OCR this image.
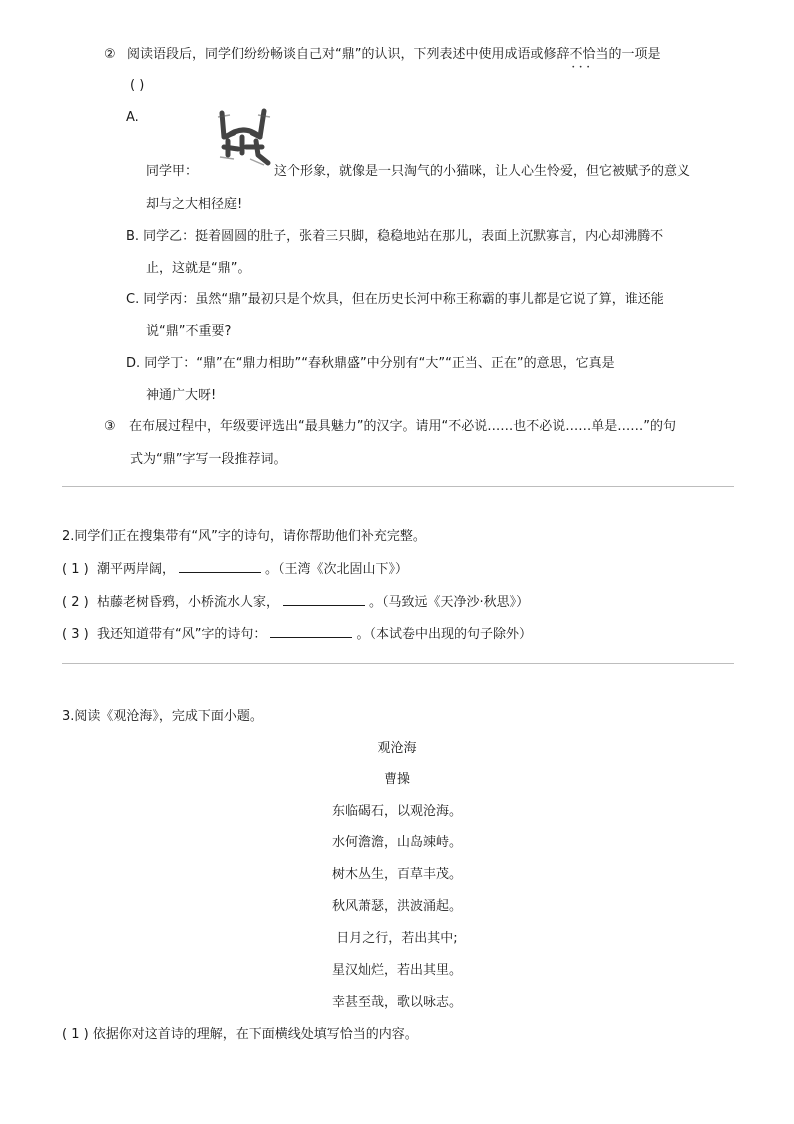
② 阅读语段后，同学们纷纷畅谈自己对“鼎”的认识，下列表述中使用成语或修辞不恰当 • • •的一项是
( )
A.
同学甲：	这个形象，就像是一只淘气的小猫咪，让人心生怜爱，但它被赋予的意义
却与之大相径庭!
B. 同学乙：挺着圆圆的肚子，张着三只脚，稳稳地站在那儿，表面上沉默寡言，内心却沸腾不
止，这就是“鼎”。
C. 同学丙：虽然“鼎”最初只是个炊具，但在历史长河中称王称霸的事儿都是它说了算，谁还能
说“鼎”不重要?
D. 同学丁：“鼎”在“鼎力相助”“春秋鼎盛”中分别有“大”“正当、正在”的意思，它真是
神通广大呀!
③ 在布展过程中，年级要评选出“最具魅力”的汉字。请用“不必说……也不必说……单是……”的句
式为“鼎”字写一段推荐词。
2.同学们正在搜集带有“风”字的诗句，请你帮助他们补充完整。
( 1 ) 潮平两岸阔，	。（王湾《次北固山下》）
( 2 ) 枯藤老树昏鸦，小桥流水人家，	。（马致远《天净沙·秋思》）
( 3 ) 我还知道带有“风”字的诗句：	。（本试卷中出现的句子除外）
3.阅读《观沧海》，完成下面小题。
观沧海
曹操
东临碣石，以观沧海。
水何澹澹，山岛竦峙。
树木丛生，百草丰茂。
秋风萧瑟，洪波涌起。
日月之行，若出其中;
星汉灿烂，若出其里。
幸甚至哉，歌以咏志。
( 1 ) 依据你对这首诗的理解，在下面横线处填写恰当的内容。
